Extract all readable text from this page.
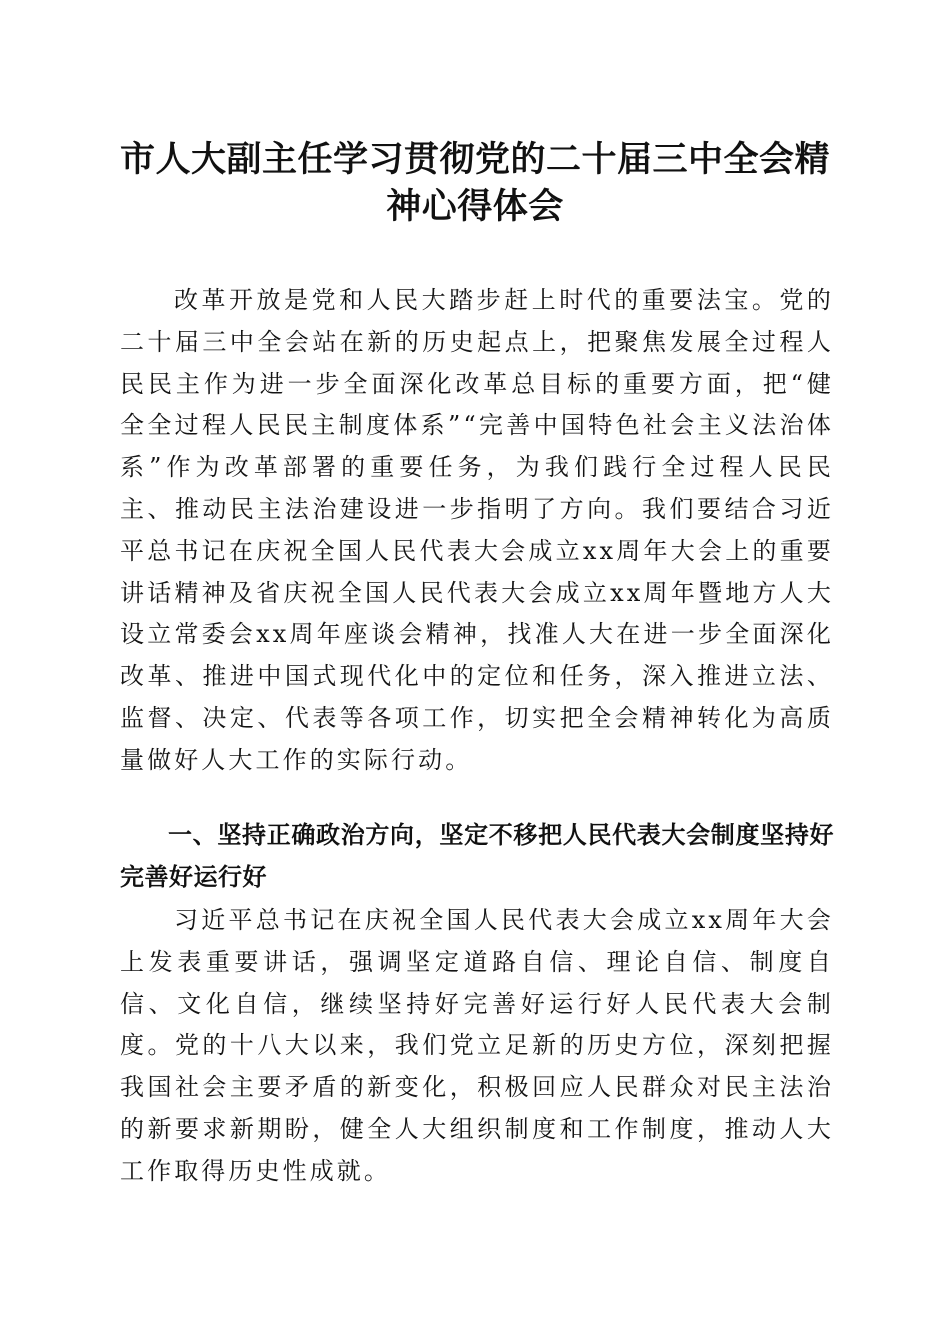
市人大副主任学习贯彻党的二十届三中全会精神心得体会

改革开放是党和人民大踏步赶上时代的重要法宝。党的二十届三中全会站在新的历史起点上，把聚焦发展全过程人民民主作为进一步全面深化改革总目标的重要方面，把“健全全过程人民民主制度体系”“完善中国特色社会主义法治体系”作为改革部署的重要任务，为我们践行全过程人民民主、推动民主法治建设进一步指明了方向。我们要结合习近平总书记在庆祝全国人民代表大会成立xx周年大会上的重要讲话精神及省庆祝全国人民代表大会成立xx周年暨地方人大设立常委会xx周年座谈会精神，找准人大在进一步全面深化改革、推进中国式现代化中的定位和任务，深入推进立法、监督、决定、代表等各项工作，切实把全会精神转化为高质量做好人大工作的实际行动。

一、坚持正确政治方向，坚定不移把人民代表大会制度坚持好完善好运行好

习近平总书记在庆祝全国人民代表大会成立xx周年大会上发表重要讲话，强调坚定道路自信、理论自信、制度自信、文化自信，继续坚持好完善好运行好人民代表大会制度。党的十八大以来，我们党立足新的历史方位，深刻把握我国社会主要矛盾的新变化，积极回应人民群众对民主法治的新要求新期盼，健全人大组织制度和工作制度，推动人大工作取得历史性成就。
